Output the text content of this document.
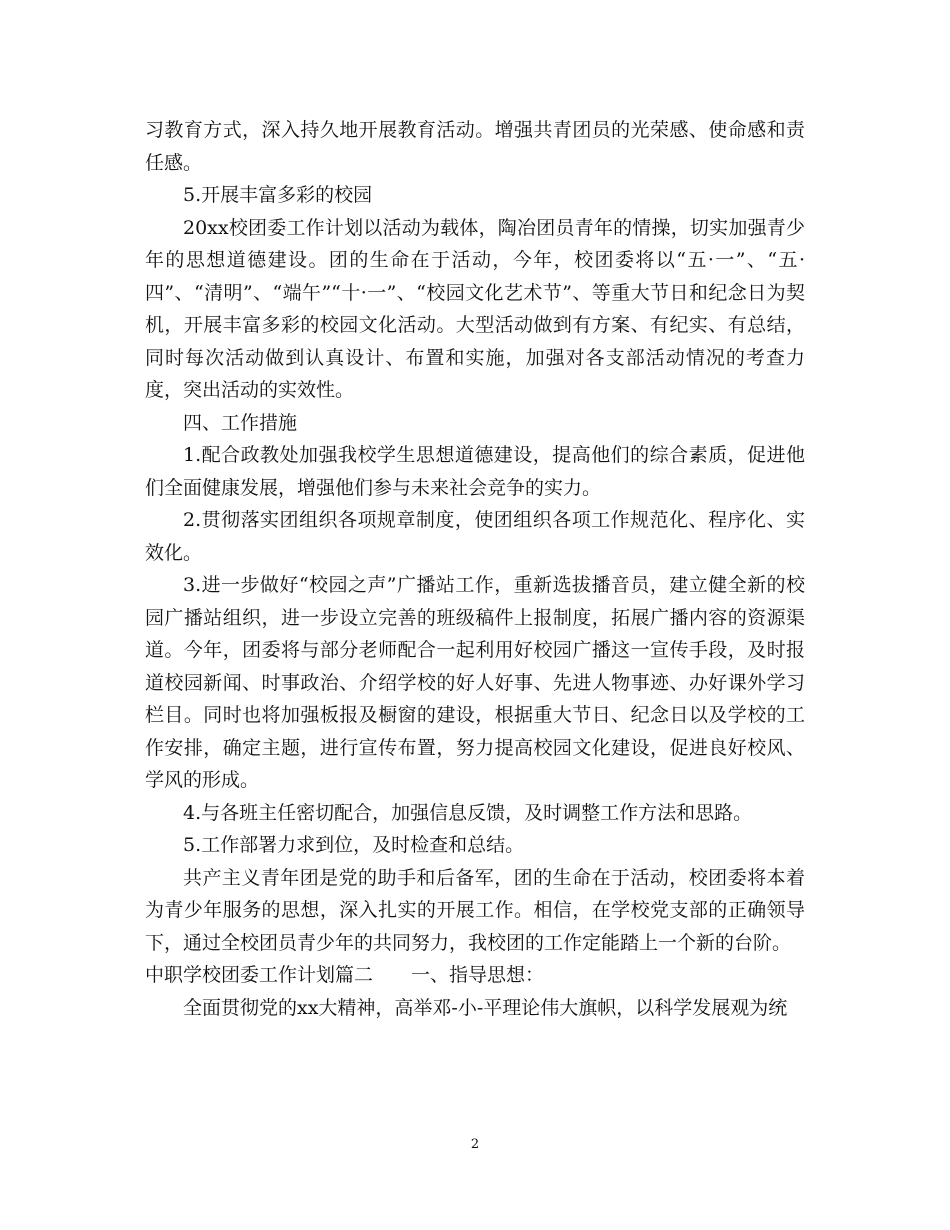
习教育方式，深入持久地开展教育活动。增强共青团员的光荣感、使命感和责任感。

5.开展丰富多彩的校园

20xx校团委工作计划以活动为载体，陶冶团员青年的情操，切实加强青少年的思想道德建设。团的生命在于活动，今年，校团委将以“五·一”、“五·四”、“清明”、“端午”“十·一”、“校园文化艺术节”、等重大节日和纪念日为契机，开展丰富多彩的校园文化活动。大型活动做到有方案、有纪实、有总结，同时每次活动做到认真设计、布置和实施，加强对各支部活动情况的考查力度，突出活动的实效性。

四、工作措施

1.配合政教处加强我校学生思想道德建设，提高他们的综合素质，促进他们全面健康发展，增强他们参与未来社会竞争的实力。

2.贯彻落实团组织各项规章制度，使团组织各项工作规范化、程序化、实效化。

3.进一步做好“校园之声”广播站工作，重新选拔播音员，建立健全新的校园广播站组织，进一步设立完善的班级稿件上报制度，拓展广播内容的资源渠道。今年，团委将与部分老师配合一起利用好校园广播这一宣传手段，及时报道校园新闻、时事政治、介绍学校的好人好事、先进人物事迹、办好课外学习栏目。同时也将加强板报及橱窗的建设，根据重大节日、纪念日以及学校的工作安排，确定主题，进行宣传布置，努力提高校园文化建设，促进良好校风、学风的形成。

4.与各班主任密切配合，加强信息反馈，及时调整工作方法和思路。

5.工作部署力求到位，及时检查和总结。

共产主义青年团是党的助手和后备军，团的生命在于活动，校团委将本着为青少年服务的思想，深入扎实的开展工作。相信，在学校党支部的正确领导下，通过全校团员青少年的共同努力，我校团的工作定能踏上一个新的台阶。

中职学校团委工作计划篇二　　一、指导思想：

全面贯彻党的xx大精神，高举邓-小-平理论伟大旗帜，以科学发展观为统

2
